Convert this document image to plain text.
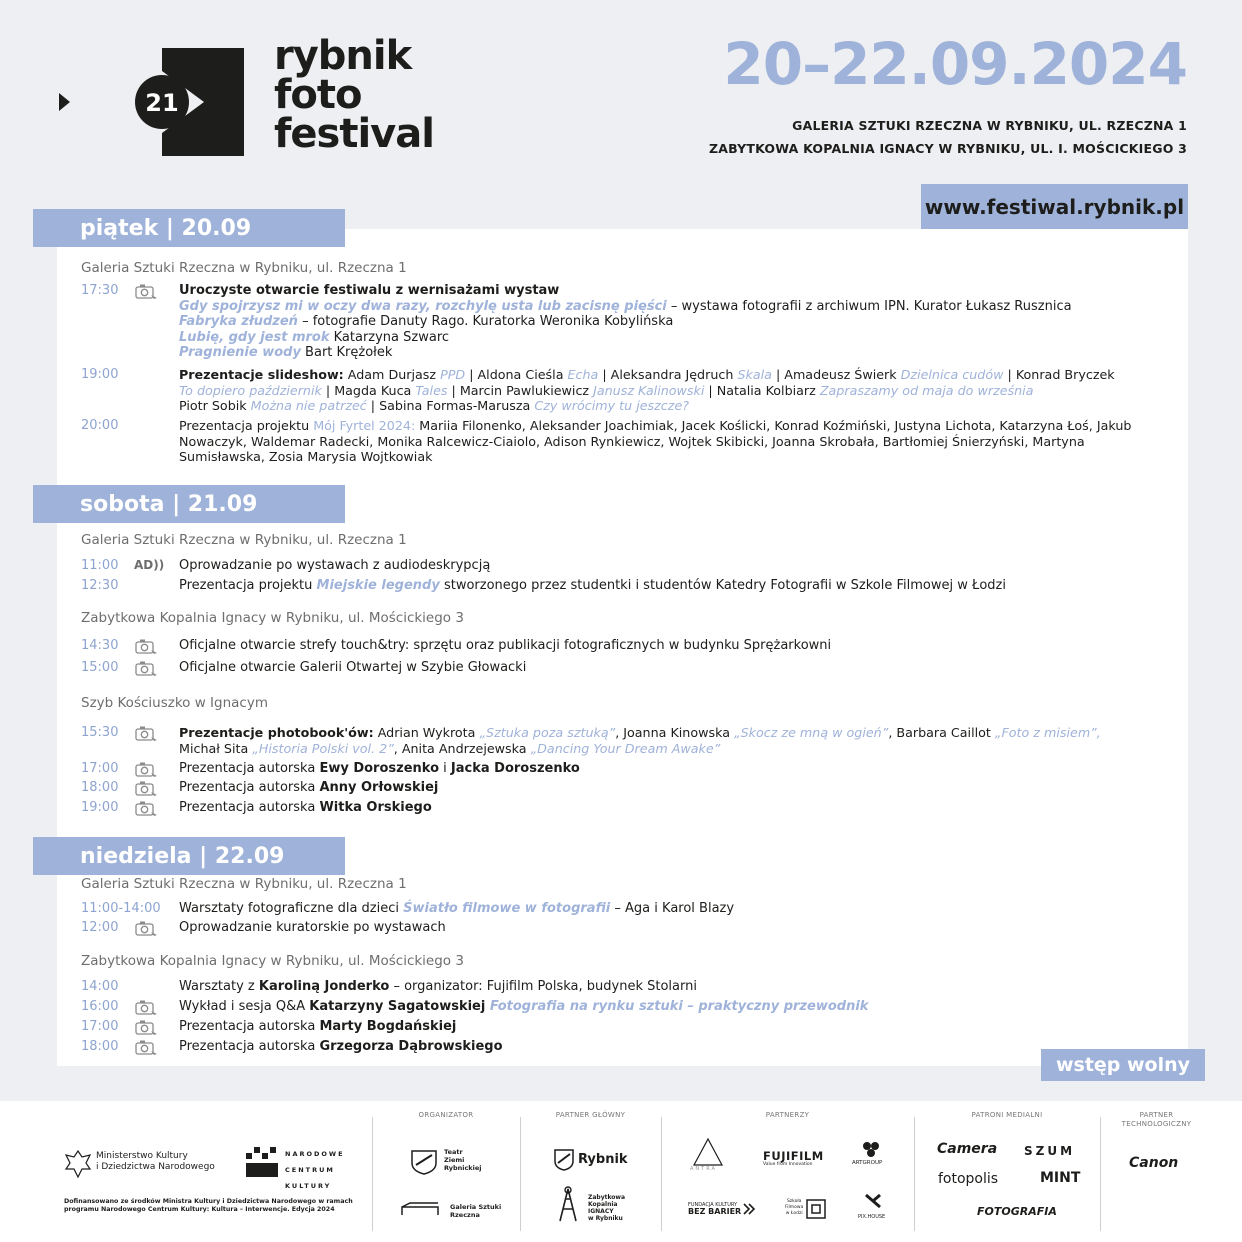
21
rybnik
foto
festival
20–22.09.2024
GALERIA SZTUKI RZECZNA W RYBNIKU, UL. RZECZNA 1
ZABYTKOWA KOPALNIA IGNACY W RYBNIKU, UL. I. MOŚCICKIEGO 3
www.festiwal.rybnik.pl
piątek | 20.09
Galeria Sztuki Rzeczna w Rybniku, ul. Rzeczna 1
17:30	Uroczyste otwarcie festiwalu z wernisażami wystaw
Gdy spojrzysz mi w oczy dwa razy, rozchylę usta lub zacisnę pięści – wystawa fotografii z archiwum IPN. Kurator Łukasz Rusznica
Fabryka złudzeń – fotografie Danuty Rago. Kuratorka Weronika Kobylińska
Lubię, gdy jest mrok Katarzyna Szwarc
Pragnienie wody Bart Krężołek
19:00	Prezentacje slideshow: Adam Durjasz PPD | Aldona Cieśla Echa | Aleksandra Jędruch Skala | Amadeusz Świerk Dzielnica cudów | Konrad Bryczek
To dopiero październik | Magda Kuca Tales | Marcin Pawlukiewicz Janusz Kalinowski | Natalia Kolbiarz Zapraszamy od maja do września
Piotr Sobik Można nie patrzeć | Sabina Formas-Marusza Czy wrócimy tu jeszcze?
20:00	Prezentacja projektu Mój Fyrtel 2024: Mariia Filonenko, Aleksander Joachimiak, Jacek Koślicki, Konrad Koźmiński, Justyna Lichota, Katarzyna Łoś, Jakub Nowaczyk, Waldemar Radecki, Monika Ralcewicz-Ciaiolo, Adison Rynkiewicz, Wojtek Skibicki, Joanna Skrobała, Bartłomiej Śnierzyński, Martyna Sumisławska, Zosia Marysia Wojtkowiak
sobota | 21.09
Galeria Sztuki Rzeczna w Rybniku, ul. Rzeczna 1
11:00 AD)) Oprowadzanie po wystawach z audiodeskrypcją
12:30	Prezentacja projektu Miejskie legendy stworzonego przez studentki i studentów Katedry Fotografii w Szkole Filmowej w Łodzi
Zabytkowa Kopalnia Ignacy w Rybniku, ul. Mościckiego 3
14:30	Oficjalne otwarcie strefy touch&try: sprzętu oraz publikacji fotograficznych w budynku Sprężarkowni
15:00	Oficjalne otwarcie Galerii Otwartej w Szybie Głowacki
Szyb Kościuszko w Ignacym
15:30	Prezentacje photobook'ów: Adrian Wykrota „Sztuka poza sztuką”, Joanna Kinowska „Skocz ze mną w ogień”, Barbara Caillot „Foto z misiem”,
Michał Sita „Historia Polski vol. 2”, Anita Andrzejewska „Dancing Your Dream Awake”
17:00	Prezentacja autorska Ewy Doroszenko i Jacka Doroszenko
18:00	Prezentacja autorska Anny Orłowskiej
19:00	Prezentacja autorska Witka Orskiego
niedziela | 22.09
Galeria Sztuki Rzeczna w Rybniku, ul. Rzeczna 1
11:00-14:00 Warsztaty fotograficzne dla dzieci Światło filmowe w fotografii – Aga i Karol Blazy
12:00	Oprowadzanie kuratorskie po wystawach
Zabytkowa Kopalnia Ignacy w Rybniku, ul. Mościckiego 3
14:00	Warsztaty z Karoliną Jonderko – organizator: Fujifilm Polska, budynek Stolarni
16:00	Wykład i sesja Q&A Katarzyny Sagatowskiej Fotografia na rynku sztuki – praktyczny przewodnik
17:00	Prezentacja autorska Marty Bogdańskiej
18:00	Prezentacja autorska Grzegorza Dąbrowskiego
wstęp wolny
Ministerstwo Kultury
i Dziedzictwa Narodowego
NARODOWE
CENTRUM
KULTURY
Dofinansowano ze środków Ministra Kultury i Dziedzictwa Narodowego w ramach
programu Narodowego Centrum Kultury: Kultura – Interwencje. Edycja 2024
ORGANIZATOR
Teatr
Ziemi
Rybnickiej
Galeria Sztuki
Rzeczna
PARTNER GŁÓWNY
Rybnik
Zabytkowa
Kopalnia
IGNACY
w Rybniku
PARTNERZY
ANTRA
FUJIFILM
Value from Innovation	ARTGROUP
FUNDACJA KULTURY
BEZ BARIER
Szkoła
Filmowa
w Łodzi
PIX.HOUSE
PATRONI MEDIALNI
Camera SZUM
fotopolis	MINT
FOTOGRAFIA
PARTNER
TECHNOLOGICZNY
Canon
